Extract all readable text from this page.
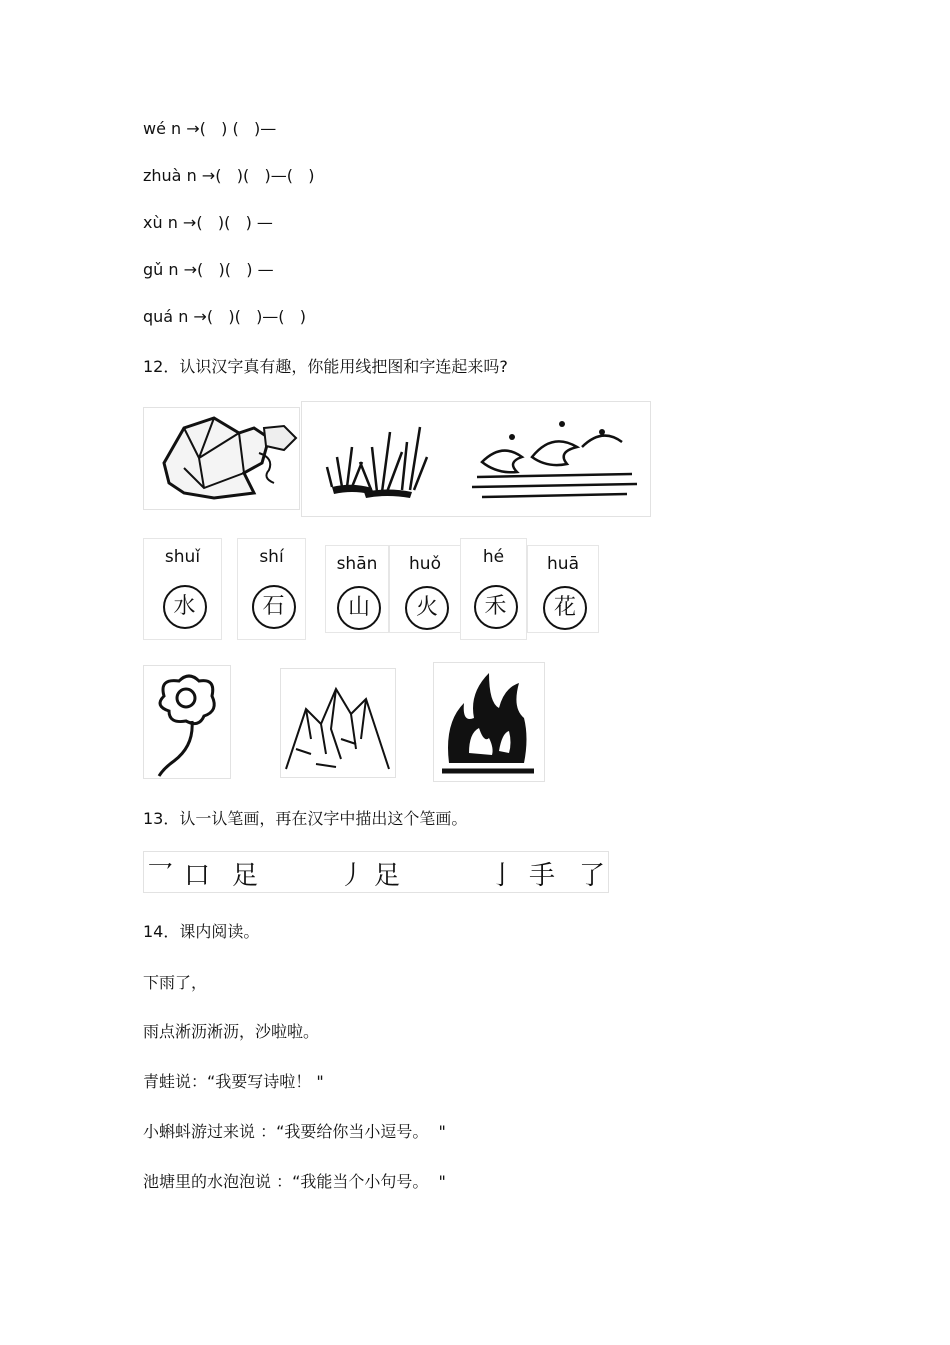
wé n →(   ) (   )—
zhuà n →(   )(   )—(   )
xù n →(   )(   ) —
gǔ n →(   )(   ) —
quá n →(   )(   )—(   )
12．认识汉字真有趣，你能用线把图和字连起来吗?
shuǐ
水
shí
石
shān
山
huǒ
火
hé
禾
huā
花
13．认一认笔画，再在汉字中描出这个笔画。
乛 口 足	丿 足	亅 手 了
14．课内阅读。
下雨了，
雨点淅沥淅沥，沙啦啦。
青蛙说：“我要写诗啦！ "
小蝌蚪游过来说 ：“我要给你当小逗号。  "
池塘里的水泡泡说 ：“我能当个小句号。  "
